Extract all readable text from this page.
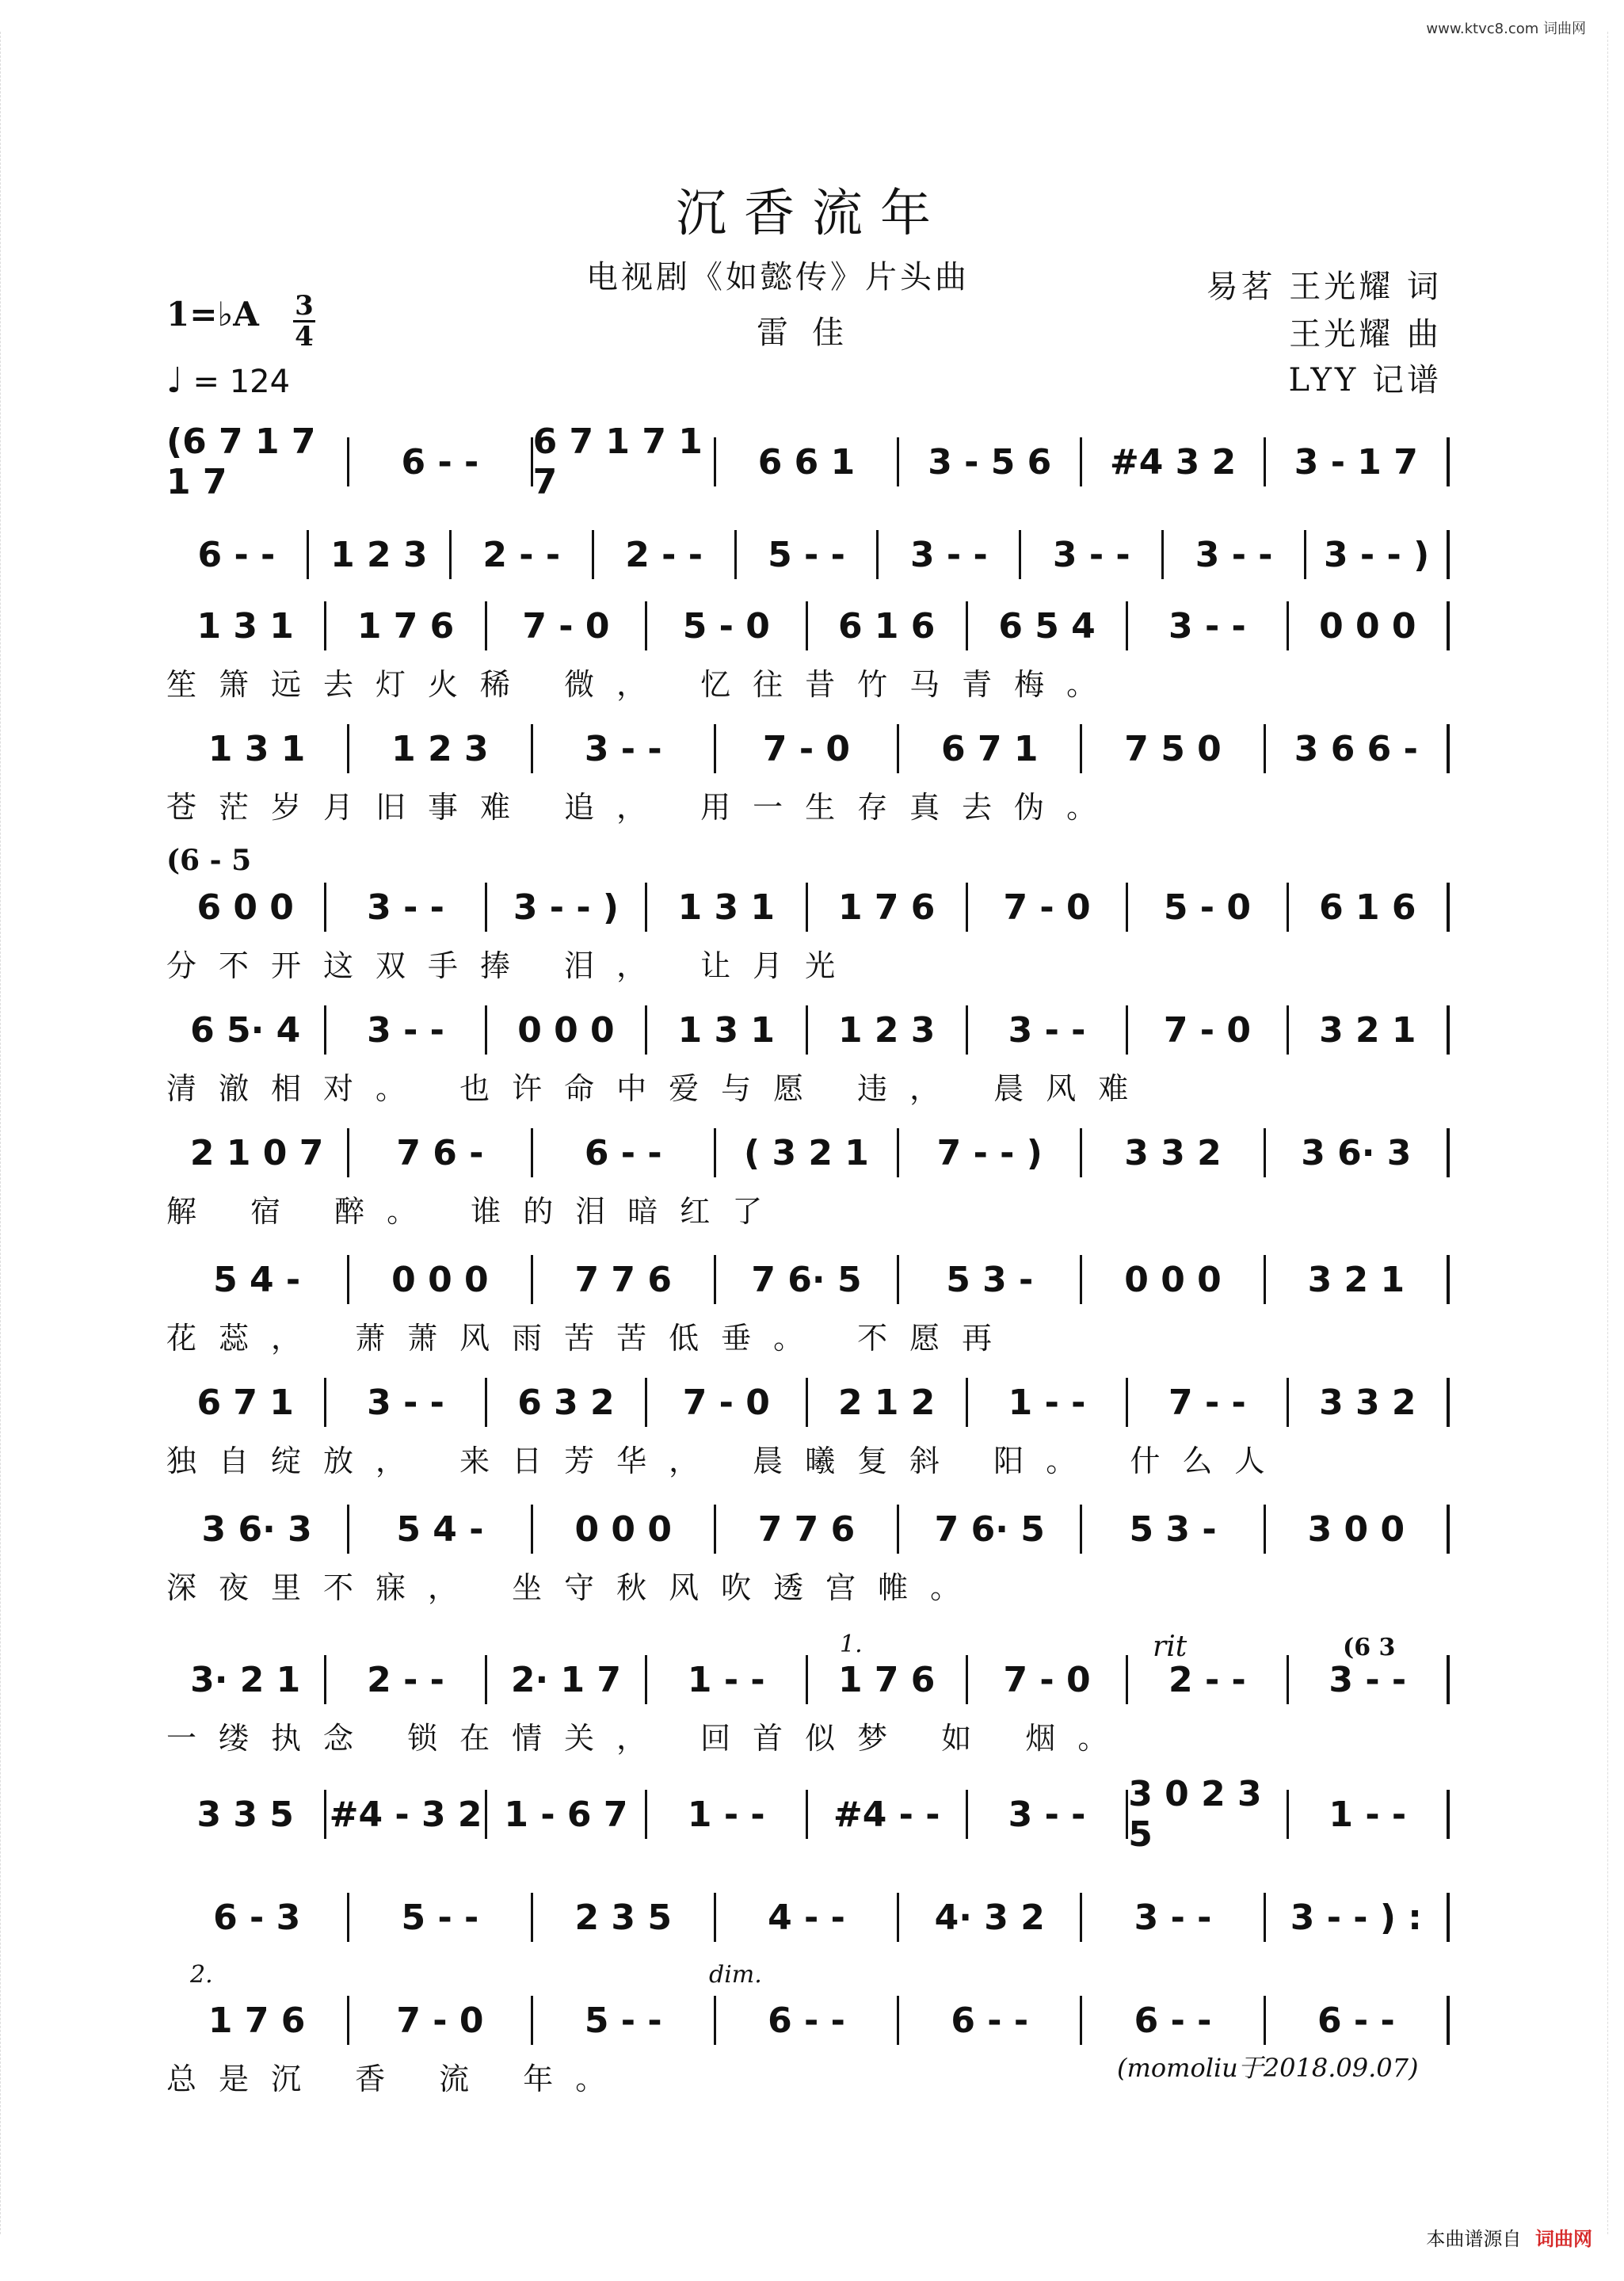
www.ktvc8.com 词曲网
沉香流年
电视剧《如懿传》片头曲
雷佳
易茗 王光耀 词
王光耀 曲
LYY 记谱
1=♭A 3
4
♩ = 124
(6 - 5
1.	rit	(6 3
2.	dim.
(momoliu于2018.09.07)
(6 7 1 7 1 7	6 - -	6 7 1 7 1 7	6 6 1	3 - 5 6	#4 3 2	3 - 1 7
6 - -	1 2 3	2 - -	2 - -	5 - -	3 - -	3 - -	3 - -	3 - - )
1 3 1	1 7 6	7 - 0	5 - 0	6 1 6	6 5 4	3 - -	0 0 0
笙箫远去灯火稀 微， 忆往昔竹马青梅。
1 3 1	1 2 3	3 - -	7 - 0	6 7 1	7 5 0	3 6 6 -
苍茫岁月旧事难 追， 用一生存真去伪。
6 0 0	3 - -	3 - - )	1 3 1	1 7 6	7 - 0	5 - 0	6 1 6
分不开这双手捧 泪， 让月光
6 5· 4	3 - -	0 0 0	1 3 1	1 2 3	3 - -	7 - 0	3 2 1
清澈相对。 也许命中爱与愿 违， 晨风难
2 1 0 7	7 6 -	6 - -	( 3 2 1	7 - - )	3 3 2	3 6· 3
解 宿 醉。 谁的泪暗红了
5 4 -	0 0 0	7 7 6	7 6· 5	5 3 -	0 0 0	3 2 1
花蕊， 萧萧风雨苦苦低垂。 不愿再
6 7 1	3 - -	6 3 2	7 - 0	2 1 2	1 - -	7 - -	3 3 2
独自绽放， 来日芳华， 晨曦复斜 阳。 什么人
3 6· 3	5 4 -	0 0 0	7 7 6	7 6· 5	5 3 -	3 0 0
深夜里不寐， 坐守秋风吹透宫帷。
3· 2 1	2 - -	2· 1 7	1 - -	1 7 6	7 - 0	2 - -	3 - -
一缕执念 锁在情关， 回首似梦 如 烟。
3 3 5	#4 - 3 2 1 - 6 7	1 - -	#4 - -	3 - -	3 0 2 3 5	1 - -
6 - 3	5 - -	2 3 5	4 - -	4· 3 2	3 - -	3 - - ) :
1 7 6	7 - 0	5 - -	6 - -	6 - -	6 - -	6 - -
总是沉 香 流 年。
本曲谱源自 词曲网
